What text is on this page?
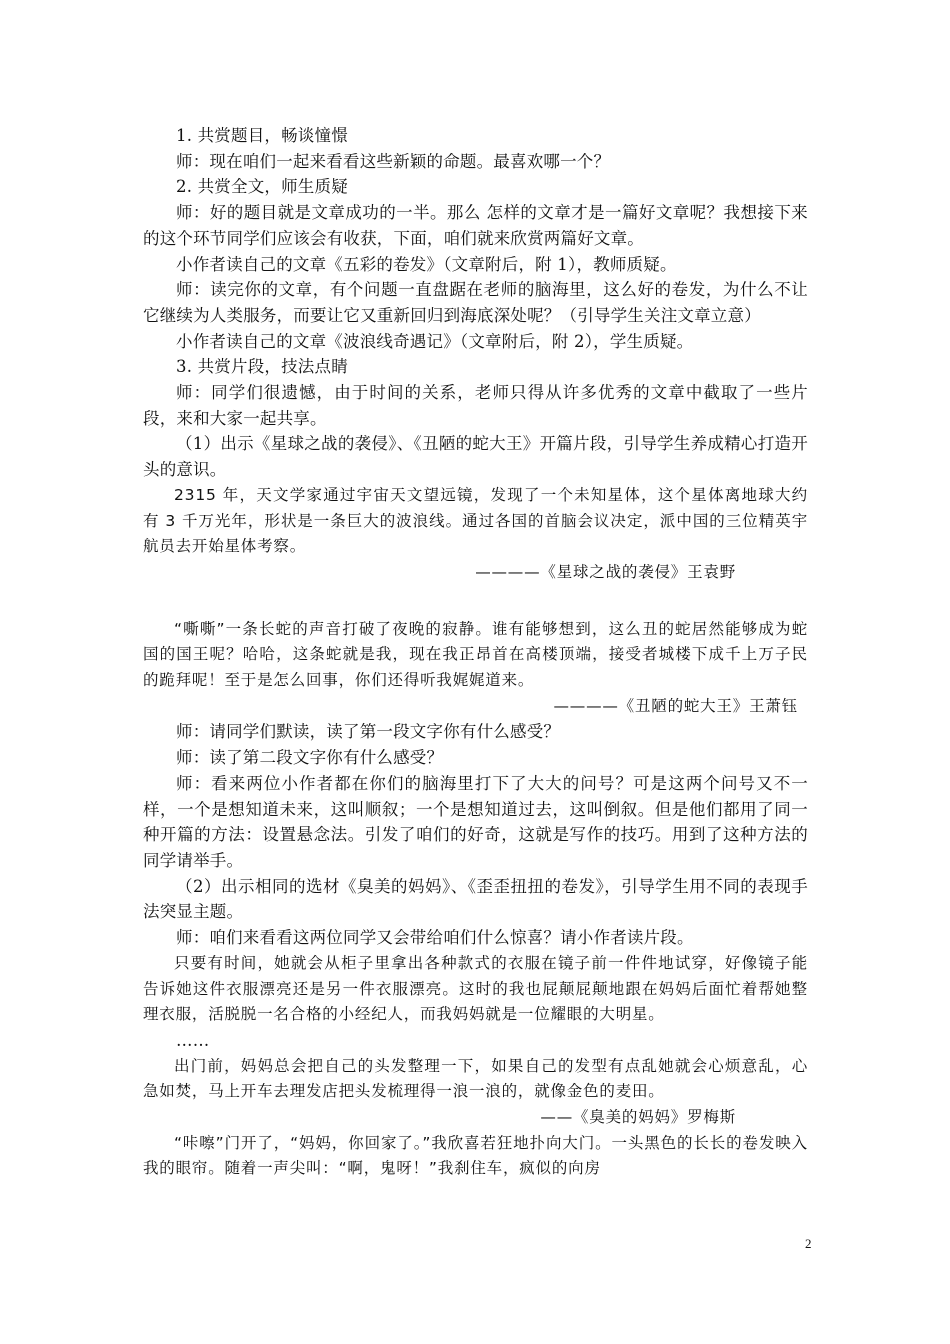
1. 共赏题目，畅谈憧憬

师：现在咱们一起来看看这些新颖的命题。最喜欢哪一个？

2. 共赏全文，师生质疑

师：好的题目就是文章成功的一半。那么 怎样的文章才是一篇好文章呢？我想接下来的这个环节同学们应该会有收获，下面，咱们就来欣赏两篇好文章。

小作者读自己的文章《五彩的卷发》（文章附后，附 1），教师质疑。

师：读完你的文章，有个问题一直盘踞在老师的脑海里，这么好的卷发，为什么不让它继续为人类服务，而要让它又重新回归到海底深处呢？（引导学生关注文章立意）

小作者读自己的文章《波浪线奇遇记》（文章附后，附 2），学生质疑。

3. 共赏片段，技法点睛

师：同学们很遗憾，由于时间的关系，老师只得从许多优秀的文章中截取了一些片段，来和大家一起共享。

（1）出示《星球之战的袭侵》、《丑陋的蛇大王》开篇片段，引导学生养成精心打造开头的意识。

2315 年，天文学家通过宇宙天文望远镜，发现了一个未知星体，这个星体离地球大约有 3 千万光年，形状是一条巨大的波浪线。通过各国的首脑会议决定，派中国的三位精英宇航员去开始星体考察。

————《星球之战的袭侵》王袁野

“嘶嘶”一条长蛇的声音打破了夜晚的寂静。谁有能够想到，这么丑的蛇居然能够成为蛇国的国王呢？哈哈，这条蛇就是我，现在我正昂首在高楼顶端，接受者城楼下成千上万子民的跪拜呢！至于是怎么回事，你们还得听我娓娓道来。

————《丑陋的蛇大王》王萧钰

师：请同学们默读，读了第一段文字你有什么感受？

师：读了第二段文字你有什么感受？

师：看来两位小作者都在你们的脑海里打下了大大的问号？可是这两个问号又不一样，一个是想知道未来，这叫顺叙；一个是想知道过去，这叫倒叙。但是他们都用了同一种开篇的方法：设置悬念法。引发了咱们的好奇，这就是写作的技巧。用到了这种方法的同学请举手。

（2）出示相同的选材《臭美的妈妈》、《歪歪扭扭的卷发》，引导学生用不同的表现手法突显主题。

师：咱们来看看这两位同学又会带给咱们什么惊喜？请小作者读片段。

只要有时间，她就会从柜子里拿出各种款式的衣服在镜子前一件件地试穿，好像镜子能告诉她这件衣服漂亮还是另一件衣服漂亮。这时的我也屁颠屁颠地跟在妈妈后面忙着帮她整理衣服，活脱脱一名合格的小经纪人，而我妈妈就是一位耀眼的大明星。

……

出门前，妈妈总会把自己的头发整理一下，如果自己的发型有点乱她就会心烦意乱，心急如焚，马上开车去理发店把头发梳理得一浪一浪的，就像金色的麦田。

——《臭美的妈妈》罗梅斯

“咔嚓”门开了，“妈妈，你回家了。”我欣喜若狂地扑向大门。一头黑色的长长的卷发映入我的眼帘。随着一声尖叫：“啊，鬼呀！”我刹住车，疯似的向房

2
